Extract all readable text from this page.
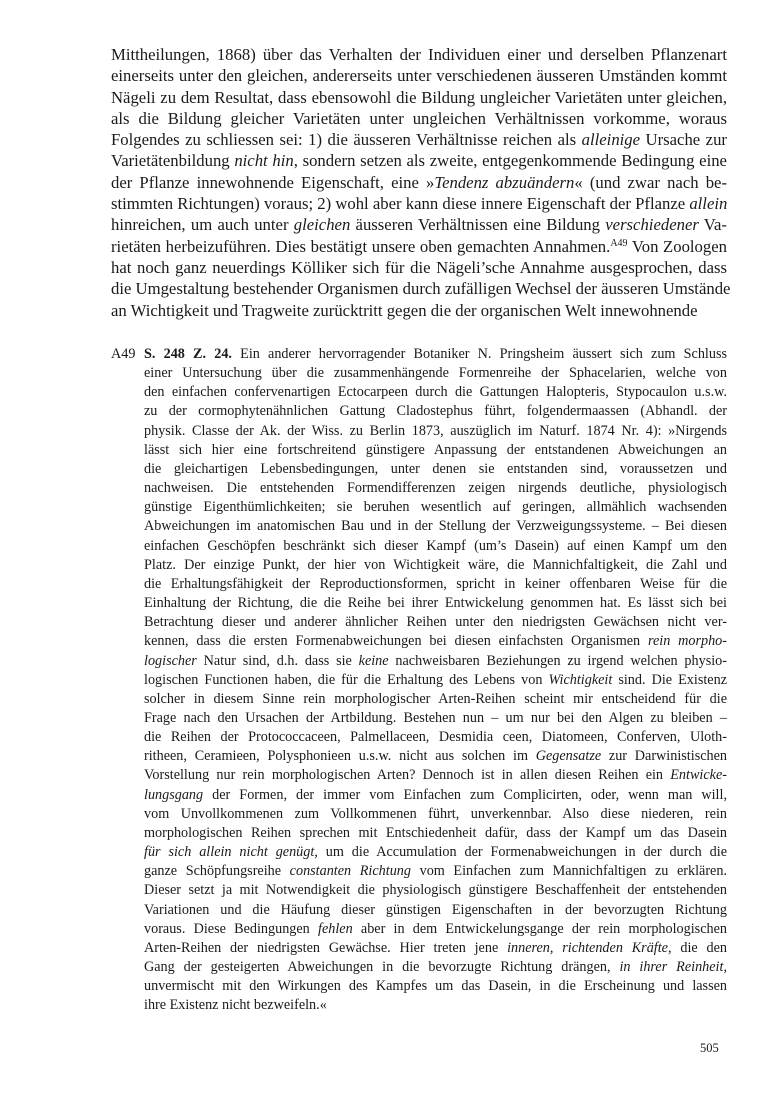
Mittheilungen, 1868) über das Verhalten der Individuen einer und derselben Pflanzenart
einerseits unter den gleichen, andererseits unter verschiedenen äusseren Umständen kommt
Nägeli zu dem Resultat, dass ebensowohl die Bildung ungleicher Varietäten unter gleichen,
als die Bildung gleicher Varietäten unter ungleichen Verhältnissen vorkomme, woraus
Folgendes zu schliessen sei: 1) die äusseren Verhältnisse reichen als alleinige Ursache zur
Varietätenbildung nicht hin, sondern setzen als zweite, entgegenkommende Bedingung eine
der Pflanze innewohnende Eigenschaft, eine »Tendenz abzuändern« (und zwar nach be-
stimmten Richtungen) voraus; 2) wohl aber kann diese innere Eigenschaft der Pflanze allein
hinreichen, um auch unter gleichen äusseren Verhältnissen eine Bildung verschiedener Va-
rietäten herbeizuführen. Dies bestätigt unsere oben gemachten Annahmen.$^{A49}$ Von Zoologen
hat noch ganz neuerdings Kölliker sich für die Nägeli’sche Annahme ausgesprochen, dass
die Umgestaltung bestehender Organismen durch zufälligen Wechsel der äusseren Umstände
an Wichtigkeit und Tragweite zurücktritt gegen die der organischen Welt innewohnende
A49 S. 248 Z. 24. Ein anderer hervorragender Botaniker N. Pringsheim äussert sich zum Schluss
einer Untersuchung über die zusammenhängende Formenreihe der Sphacelarien, welche von
den einfachen confervenartigen Ectocarpeen durch die Gattungen Halopteris, Stypocaulon u.s.w.
zu der cormophytenähnlichen Gattung Cladostephus führt, folgendermaassen (Abhandl. der
physik. Classe der Ak. der Wiss. zu Berlin 1873, auszüglich im Naturf. 1874 Nr. 4): »Nirgends
lässt sich hier eine fortschreitend günstigere Anpassung der entstandenen Abweichungen an
die gleichartigen Lebensbedingungen, unter denen sie entstanden sind, voraussetzen und
nachweisen. Die entstehenden Formendifferenzen zeigen nirgends deutliche, physiologisch
günstige Eigenthümlichkeiten; sie beruhen wesentlich auf geringen, allmählich wachsenden
Abweichungen im anatomischen Bau und in der Stellung der Verzweigungssysteme. – Bei diesen
einfachen Geschöpfen beschränkt sich dieser Kampf (um’s Dasein) auf einen Kampf um den
Platz. Der einzige Punkt, der hier von Wichtigkeit wäre, die Mannichfaltigkeit, die Zahl und
die Erhaltungsfähigkeit der Reproductionsformen, spricht in keiner offenbaren Weise für die
Einhaltung der Richtung, die die Reihe bei ihrer Entwickelung genommen hat. Es lässt sich bei
Betrachtung dieser und anderer ähnlicher Reihen unter den niedrigsten Gewächsen nicht ver-
kennen, dass die ersten Formenabweichungen bei diesen einfachsten Organismen rein morpho-
logischer Natur sind, d.h. dass sie keine nachweisbaren Beziehungen zu irgend welchen physio-
logischen Functionen haben, die für die Erhaltung des Lebens von Wichtigkeit sind. Die Existenz
solcher in diesem Sinne rein morphologischer Arten-Reihen scheint mir entscheidend für die
Frage nach den Ursachen der Artbildung. Bestehen nun – um nur bei den Algen zu bleiben –
die Reihen der Protococcaceen, Palmellaceen, Desmidia ceen, Diatomeen, Conferven, Uloth-
ritheen, Ceramieen, Polysphonieen u.s.w. nicht aus solchen im Gegensatze zur Darwinistischen
Vorstellung nur rein morphologischen Arten? Dennoch ist in allen diesen Reihen ein Entwicke-
lungsgang der Formen, der immer vom Einfachen zum Complicirten, oder, wenn man will,
vom Unvollkommenen zum Vollkommenen führt, unverkennbar. Also diese niederen, rein
morphologischen Reihen sprechen mit Entschiedenheit dafür, dass der Kampf um das Dasein
für sich allein nicht genügt, um die Accumulation der Formenabweichungen in der durch die
ganze Schöpfungsreihe constanten Richtung vom Einfachen zum Mannichfaltigen zu erklären.
Dieser setzt ja mit Notwendigkeit die physiologisch günstigere Beschaffenheit der entstehenden
Variationen und die Häufung dieser günstigen Eigenschaften in der bevorzugten Richtung
voraus. Diese Bedingungen fehlen aber in dem Entwickelungsgange der rein morphologischen
Arten-Reihen der niedrigsten Gewächse. Hier treten jene inneren, richtenden Kräfte, die den
Gang der gesteigerten Abweichungen in die bevorzugte Richtung drängen, in ihrer Reinheit,
unvermischt mit den Wirkungen des Kampfes um das Dasein, in die Erscheinung und lassen
ihre Existenz nicht bezweifeln.«
505
